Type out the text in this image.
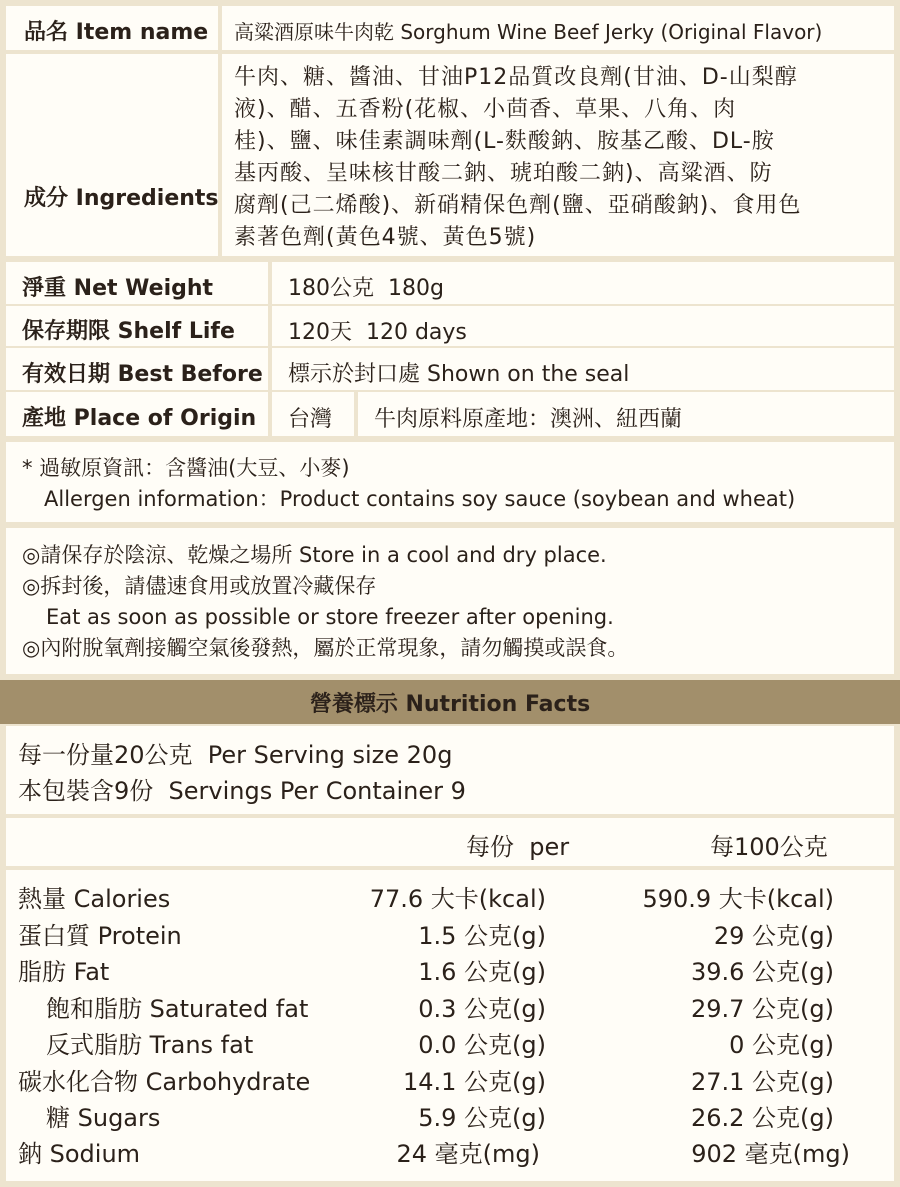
品名 Item name 高粱酒原味牛肉乾 Sorghum Wine Beef Jerky (Original Flavor)
成分 Ingredients
牛肉、糖、醬油、甘油P12品質改良劑(甘油、D-山梨醇
液)、醋、五香粉(花椒、小茴香、草果、八角、肉
桂)、鹽、味佳素調味劑(L-麩酸鈉、胺基乙酸、DL-胺
基丙酸、呈味核甘酸二鈉、琥珀酸二鈉)、高粱酒、防
腐劑(己二烯酸)、新硝精保色劑(鹽、亞硝酸鈉)、食用色
素著色劑(黃色4號、黃色5號)
淨重 Net Weight	180公克  180g
保存期限 Shelf Life 120天  120 days
有效日期 Best Before 標示於封口處 Shown on the seal
產地 Place of Origin 台灣 牛肉原料原產地：澳洲、紐西蘭
* 過敏原資訊：含醬油(大豆、小麥)
Allergen information：Product contains soy sauce (soybean and wheat)
◎請保存於陰涼、乾燥之場所 Store in a cool and dry place.
◎拆封後，請儘速食用或放置冷藏保存
Eat as soon as possible or store freezer after opening.
◎內附脫氧劑接觸空氣後發熱，屬於正常現象，請勿觸摸或誤食。
營養標示 Nutrition Facts
每一份量20公克  Per Serving size 20g
本包裝含9份  Servings Per Container 9
每份  per	每100公克
熱量 Calories	77.6 大卡(kcal)	590.9 大卡(kcal)
蛋白質 Protein	1.5 公克(g)	29 公克(g)
脂肪 Fat	1.6 公克(g)	39.6 公克(g)
飽和脂肪 Saturated fat	0.3 公克(g)	29.7 公克(g)
反式脂肪 Trans fat	0.0 公克(g)	0 公克(g)
碳水化合物 Carbohydrate	14.1 公克(g)	27.1 公克(g)
糖 Sugars	5.9 公克(g)	26.2 公克(g)
鈉 Sodium	24 毫克(mg)	902 毫克(mg)
